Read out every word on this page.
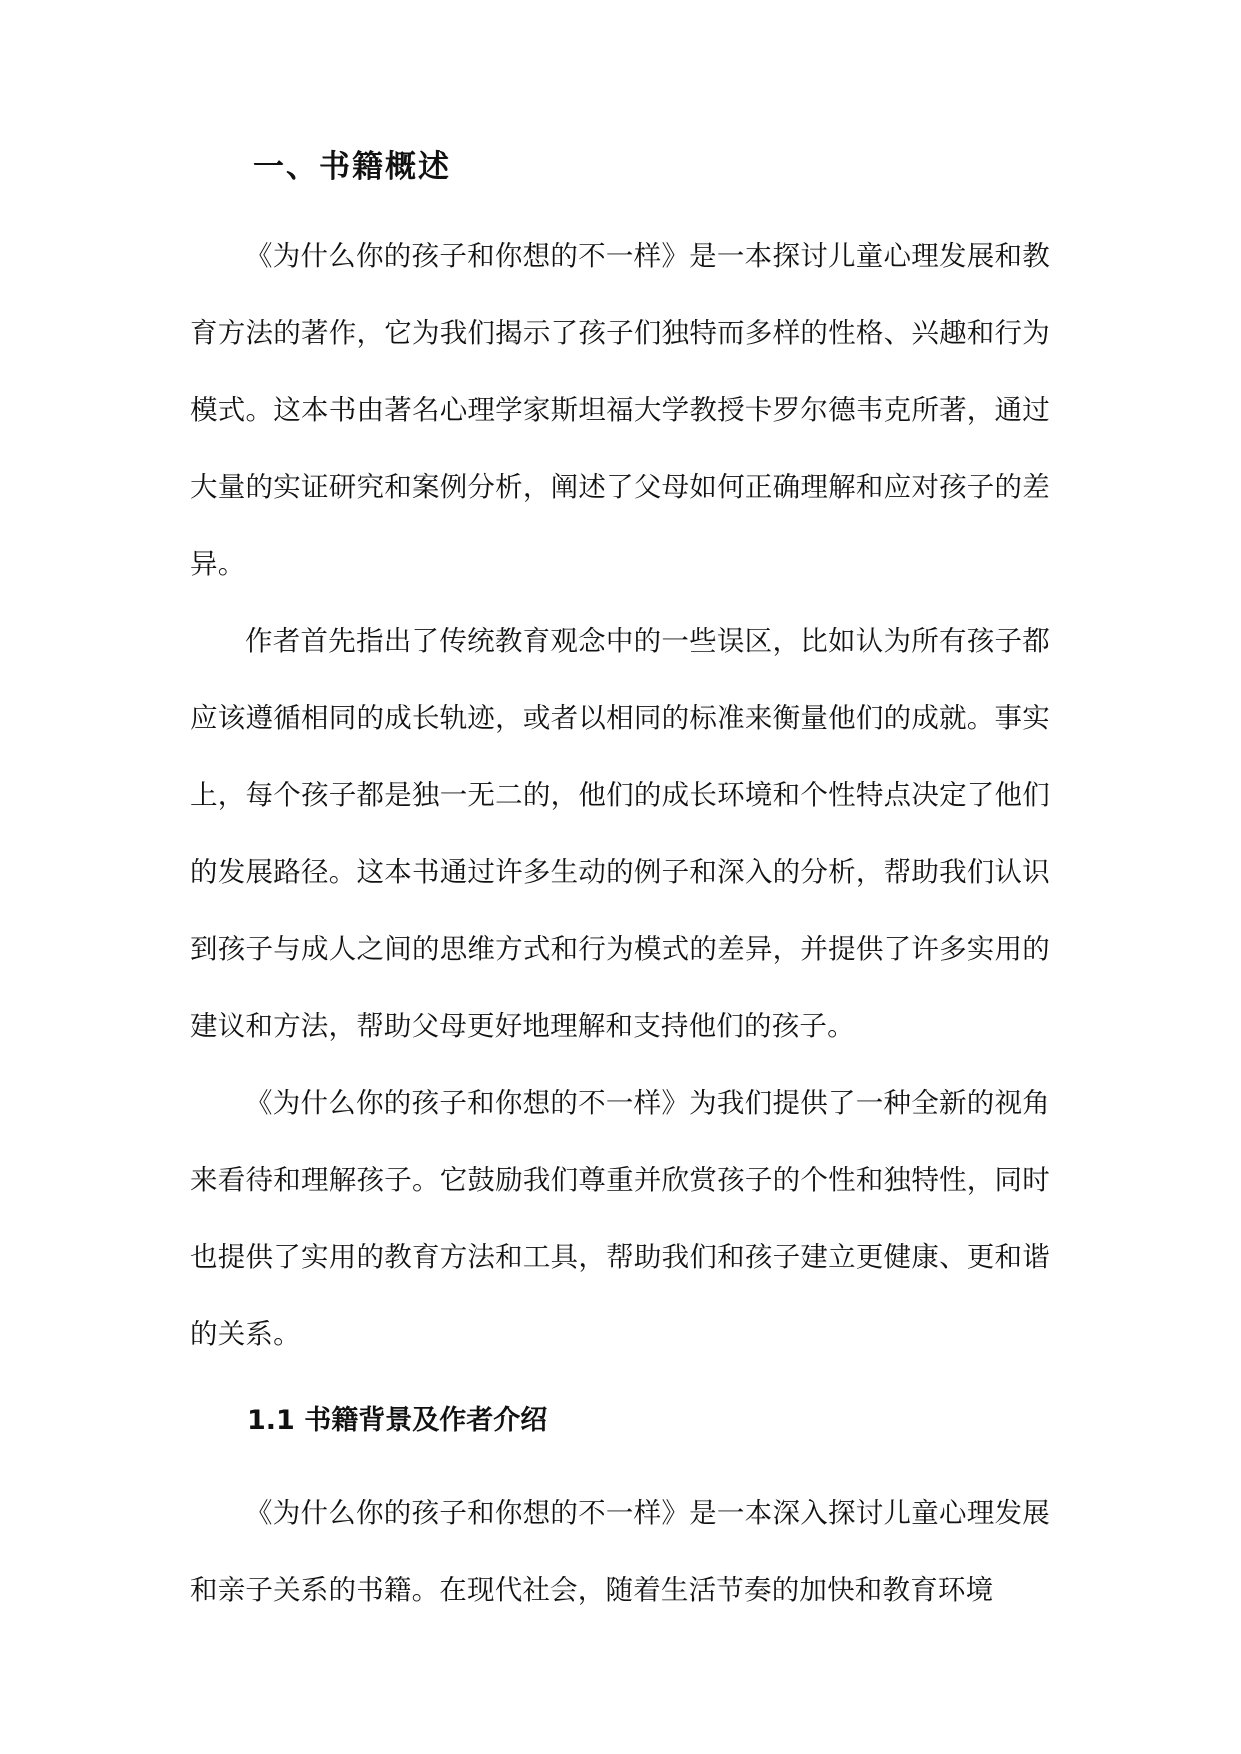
一、书籍概述

《为什么你的孩子和你想的不一样》是一本探讨儿童心理发展和教育方法的著作，它为我们揭示了孩子们独特而多样的性格、兴趣和行为模式。这本书由著名心理学家斯坦福大学教授卡罗尔德韦克所著，通过大量的实证研究和案例分析，阐述了父母如何正确理解和应对孩子的差异。

作者首先指出了传统教育观念中的一些误区，比如认为所有孩子都应该遵循相同的成长轨迹，或者以相同的标准来衡量他们的成就。事实上，每个孩子都是独一无二的，他们的成长环境和个性特点决定了他们的发展路径。这本书通过许多生动的例子和深入的分析，帮助我们认识到孩子与成人之间的思维方式和行为模式的差异，并提供了许多实用的建议和方法，帮助父母更好地理解和支持他们的孩子。

《为什么你的孩子和你想的不一样》为我们提供了一种全新的视角来看待和理解孩子。它鼓励我们尊重并欣赏孩子的个性和独特性，同时也提供了实用的教育方法和工具，帮助我们和孩子建立更健康、更和谐的关系。

1.1 书籍背景及作者介绍

《为什么你的孩子和你想的不一样》是一本深入探讨儿童心理发展和亲子关系的书籍。在现代社会，随着生活节奏的加快和教育环境
